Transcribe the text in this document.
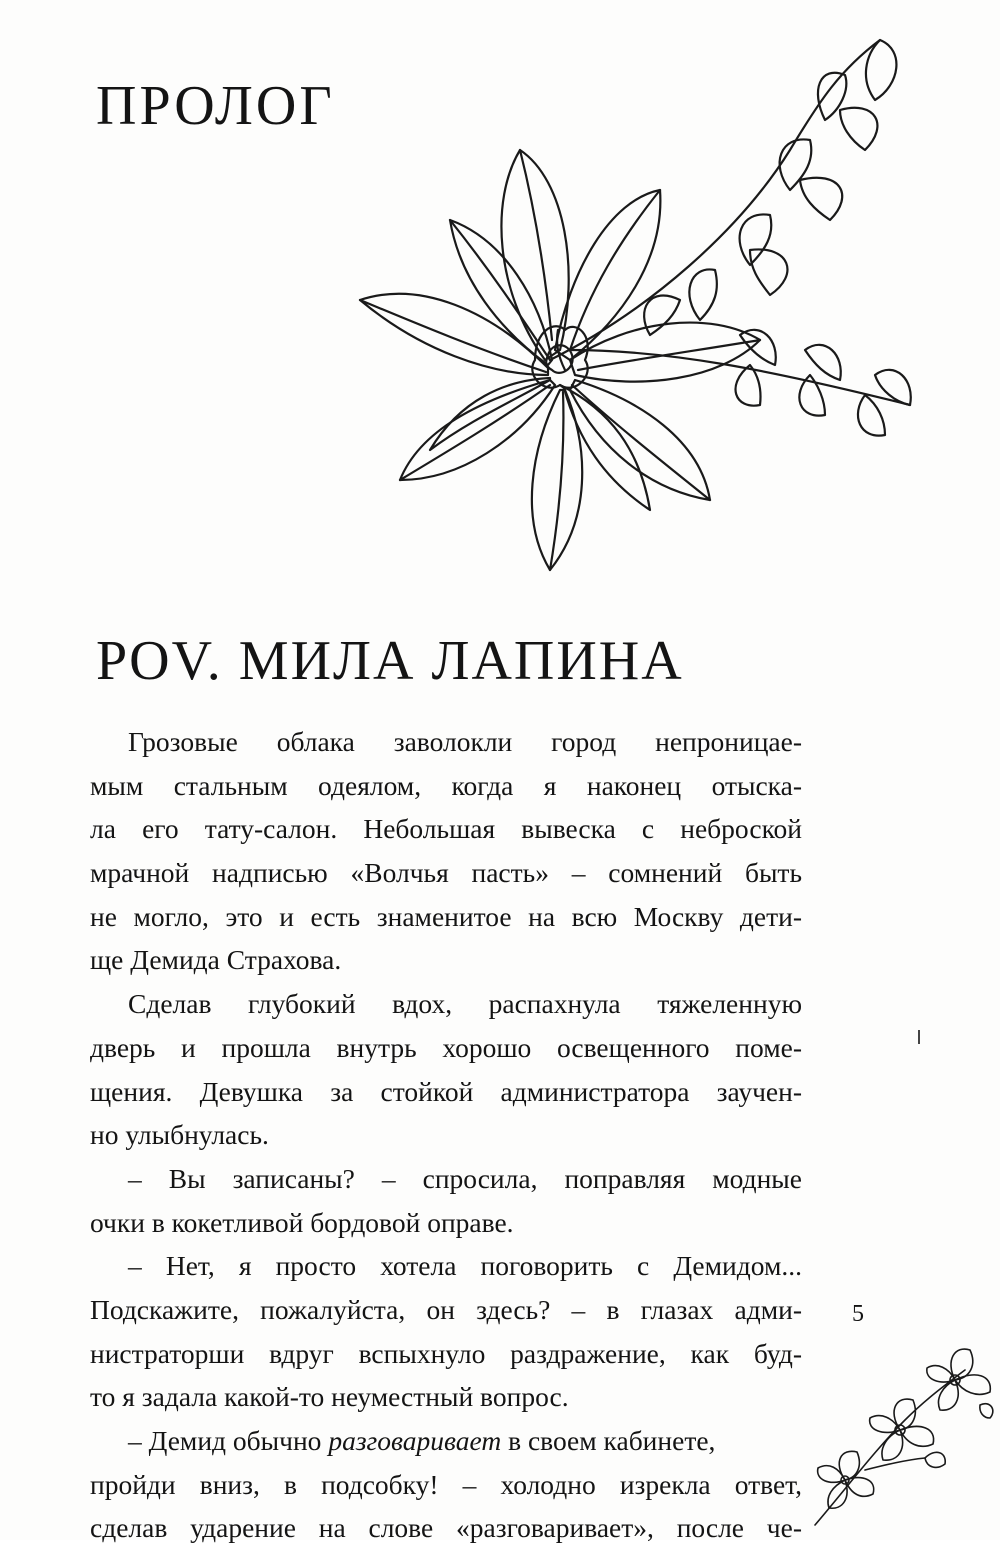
ПРОЛОГ
POV. МИЛА ЛАПИНА
Грозовые облака заволокли город непроницае-
мым стальным одеялом, когда я наконец отыска-
ла его тату-салон. Небольшая вывеска с неброской
мрачной надписью «Волчья пасть» – сомнений быть
не могло, это и есть знаменитое на всю Москву дети-
ще Демида Страхова.
Сделав глубокий вдох, распахнула тяжеленную
дверь и прошла внутрь хорошо освещенного поме-
щения. Девушка за стойкой администратора заучен-
но улыбнулась.
– Вы записаны? – спросила, поправляя модные
очки в кокетливой бордовой оправе.
– Нет, я просто хотела поговорить с Демидом...
Подскажите, пожалуйста, он здесь? – в глазах адми-
нистраторши вдруг вспыхнуло раздражение, как буд-
то я задала какой-то неуместный вопрос.
– Демид обычно разговаривает в своем кабинете,
пройди вниз, в подсобку! – холодно изрекла ответ,
сделав ударение на слове «разговаривает», после че-
5
